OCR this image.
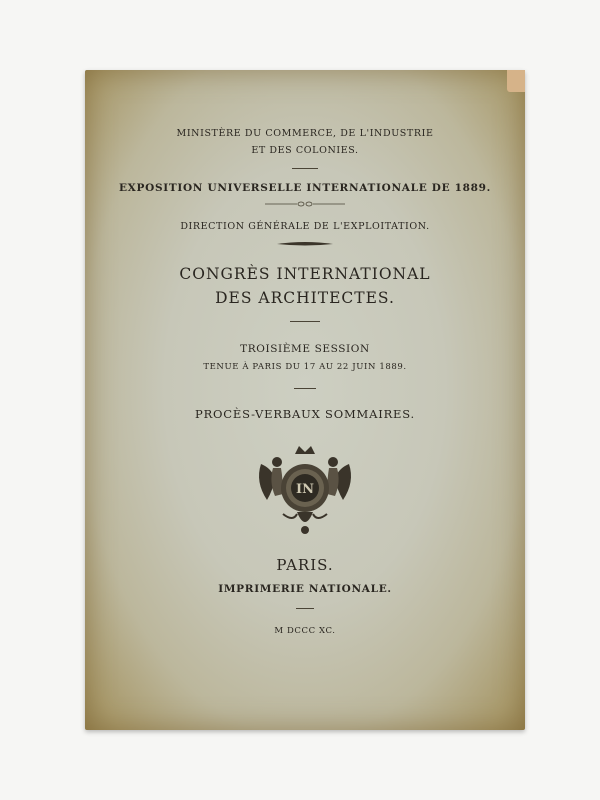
MINISTÈRE DU COMMERCE, DE L'INDUSTRIE
ET DES COLONIES.
EXPOSITION UNIVERSELLE INTERNATIONALE DE 1889.
DIRECTION GÉNÉRALE DE L'EXPLOITATION.
CONGRÈS INTERNATIONAL
DES ARCHITECTES.
TROISIÈME SESSION
TENUE À PARIS DU 17 AU 22 JUIN 1889.
PROCÈS-VERBAUX SOMMAIRES.
IN
PARIS.
IMPRIMERIE NATIONALE.
M DCCC XC.
